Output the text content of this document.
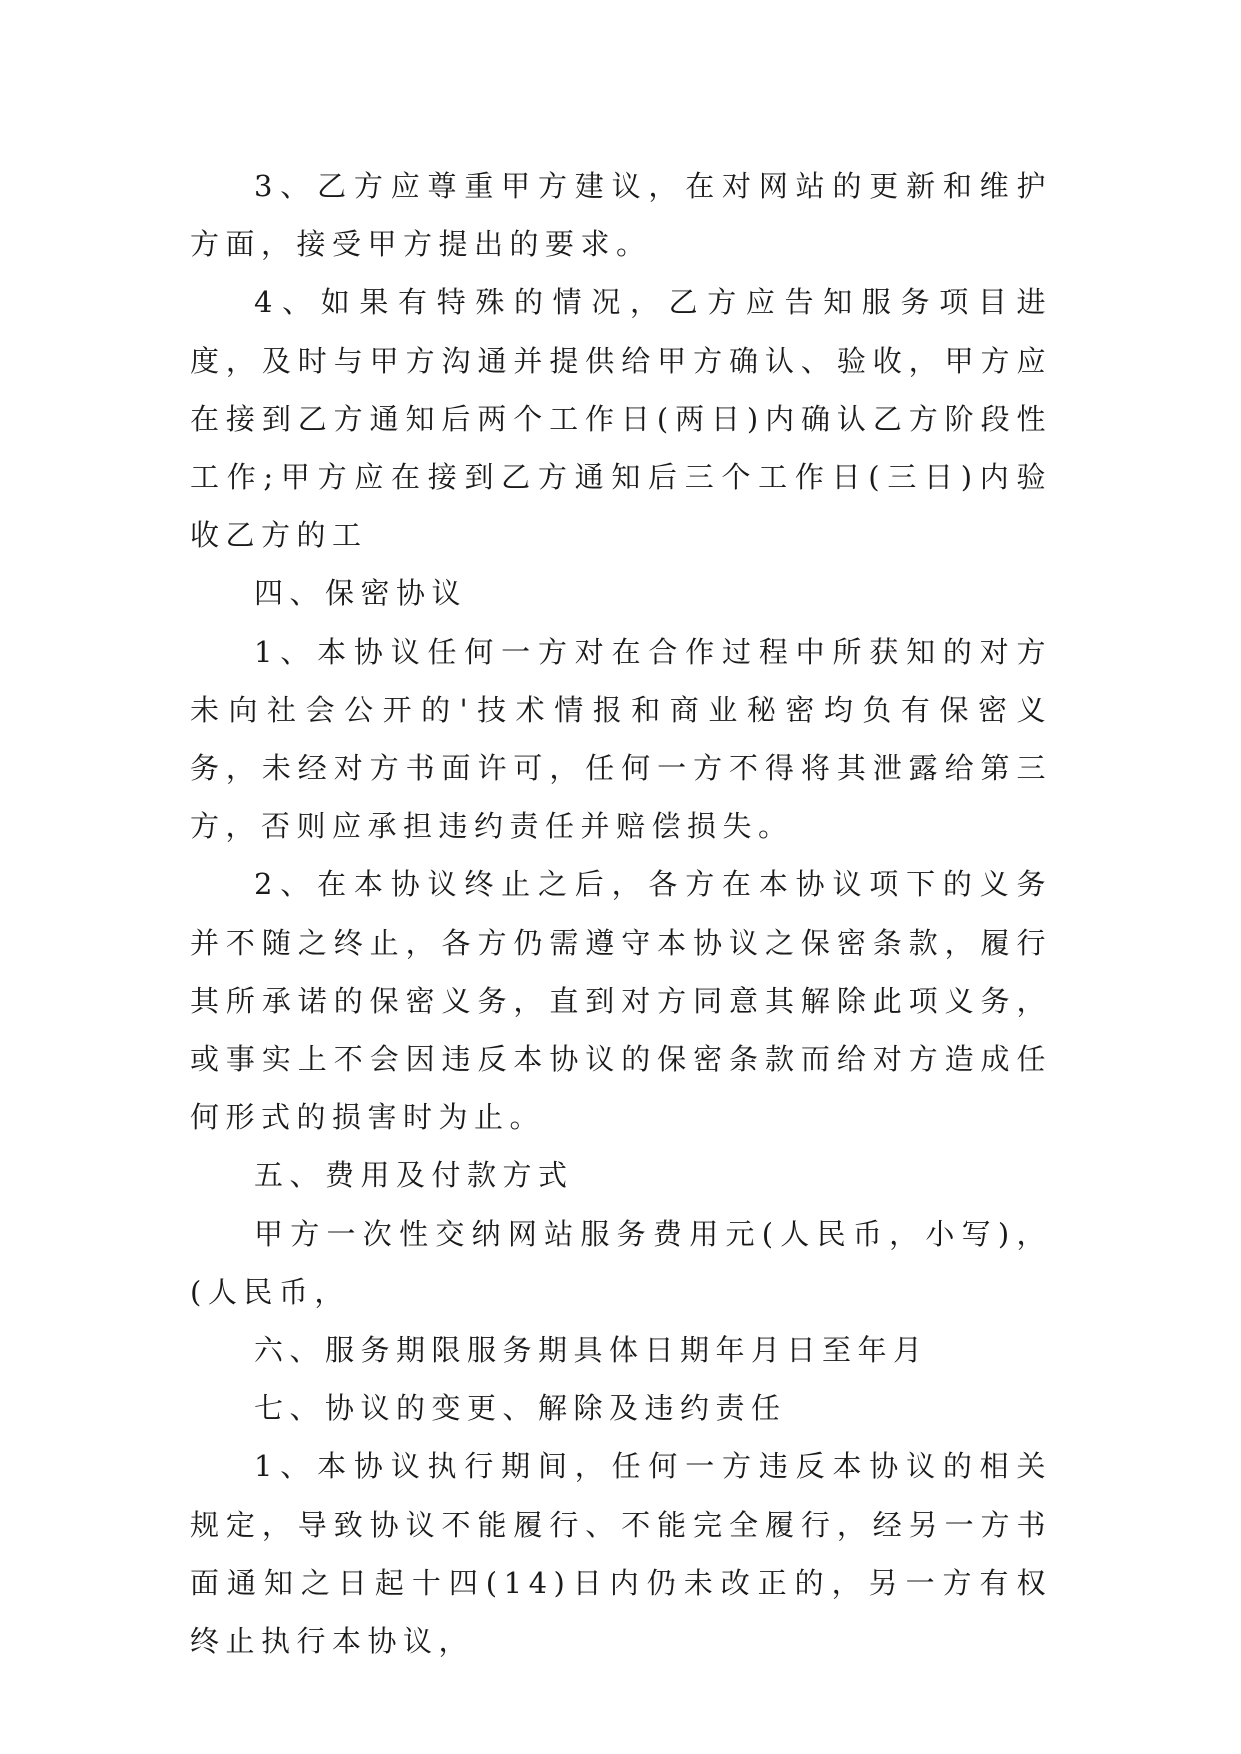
3、乙方应尊重甲方建议，在对网站的更新和维护方面，接受甲方提出的要求。

4、如果有特殊的情况，乙方应告知服务项目进度，及时与甲方沟通并提供给甲方确认、验收，甲方应在接到乙方通知后两个工作日(两日)内确认乙方阶段性工作;甲方应在接到乙方通知后三个工作日(三日)内验收乙方的工

四、保密协议

1、本协议任何一方对在合作过程中所获知的对方未向社会公开的'技术情报和商业秘密均负有保密义务，未经对方书面许可，任何一方不得将其泄露给第三方，否则应承担违约责任并赔偿损失。

2、在本协议终止之后，各方在本协议项下的义务并不随之终止，各方仍需遵守本协议之保密条款，履行其所承诺的保密义务，直到对方同意其解除此项义务，或事实上不会因违反本协议的保密条款而给对方造成任何形式的损害时为止。

五、费用及付款方式

甲方一次性交纳网站服务费用元(人民币，小写)，(人民币，

六、服务期限服务期具体日期年月日至年月

七、协议的变更、解除及违约责任

1、本协议执行期间，任何一方违反本协议的相关规定，导致协议不能履行、不能完全履行，经另一方书面通知之日起十四(14)日内仍未改正的，另一方有权终止执行本协议，
